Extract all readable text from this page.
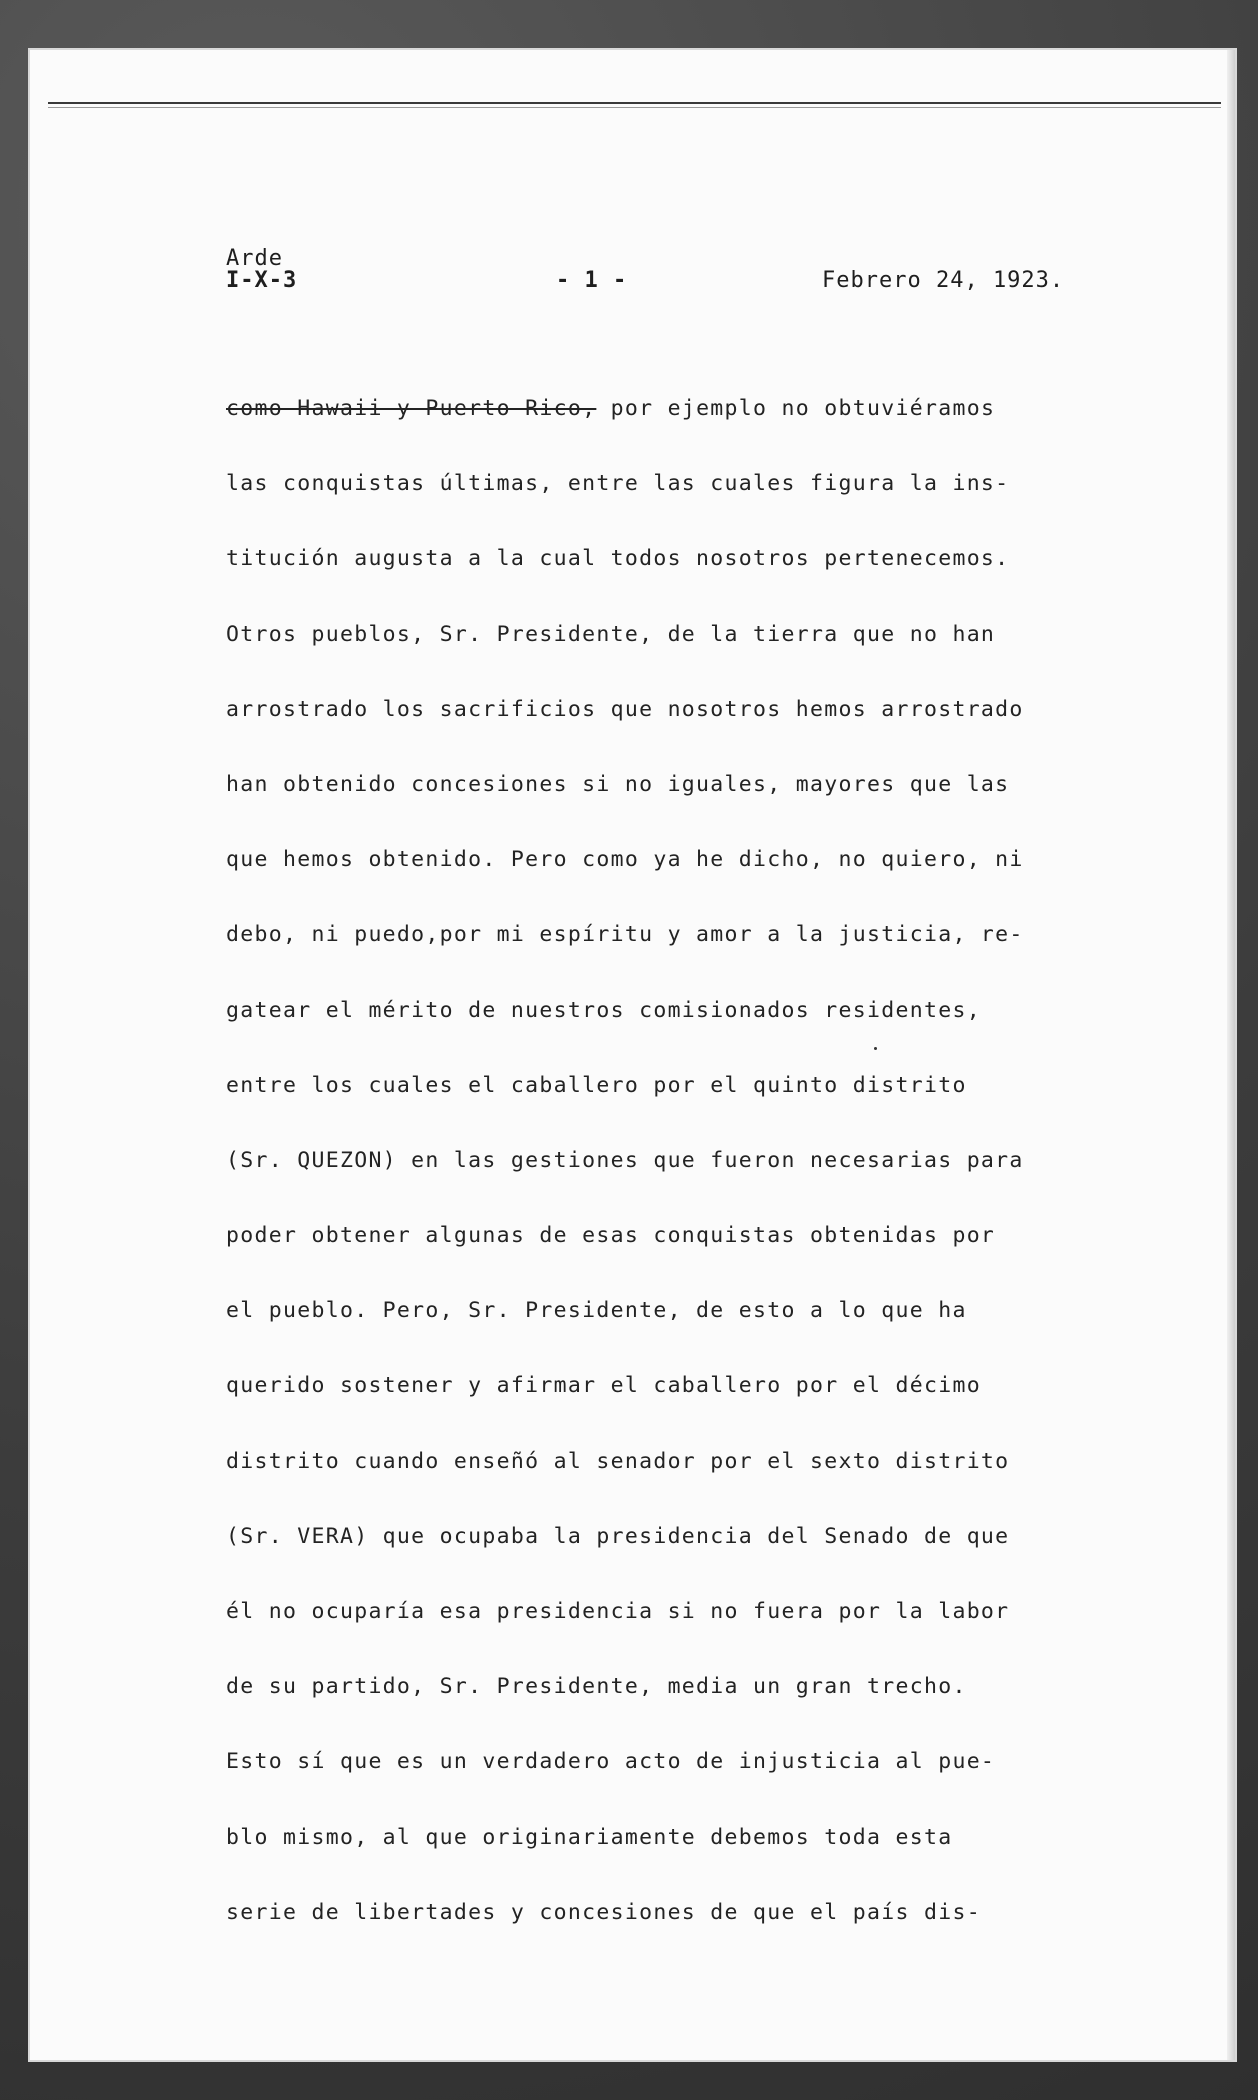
Arde
I-X-3	- 1 -	Febrero 24, 1923.
como Hawaii y Puerto Rico, por ejemplo no obtuviéramos
las conquistas últimas, entre las cuales figura la ins-
titución augusta a la cual todos nosotros pertenecemos.
Otros pueblos, Sr. Presidente, de la tierra que no han
arrostrado los sacrificios que nosotros hemos arrostrado
han obtenido concesiones si no iguales, mayores que las
que hemos obtenido. Pero como ya he dicho, no quiero, ni
debo, ni puedo,por mi espíritu y amor a la justicia, re-
gatear el mérito de nuestros comisionados residentes,
entre los cuales el caballero por el quinto distrito
(Sr. QUEZON) en las gestiones que fueron necesarias para
poder obtener algunas de esas conquistas obtenidas por
el pueblo. Pero, Sr. Presidente, de esto a lo que ha
querido sostener y afirmar el caballero por el décimo
distrito cuando enseñó al senador por el sexto distrito
(Sr. VERA) que ocupaba la presidencia del Senado de que
él no ocuparía esa presidencia si no fuera por la labor
de su partido, Sr. Presidente, media un gran trecho.
Esto sí que es un verdadero acto de injusticia al pue-
blo mismo, al que originariamente debemos toda esta
serie de libertades y concesiones de que el país dis-
